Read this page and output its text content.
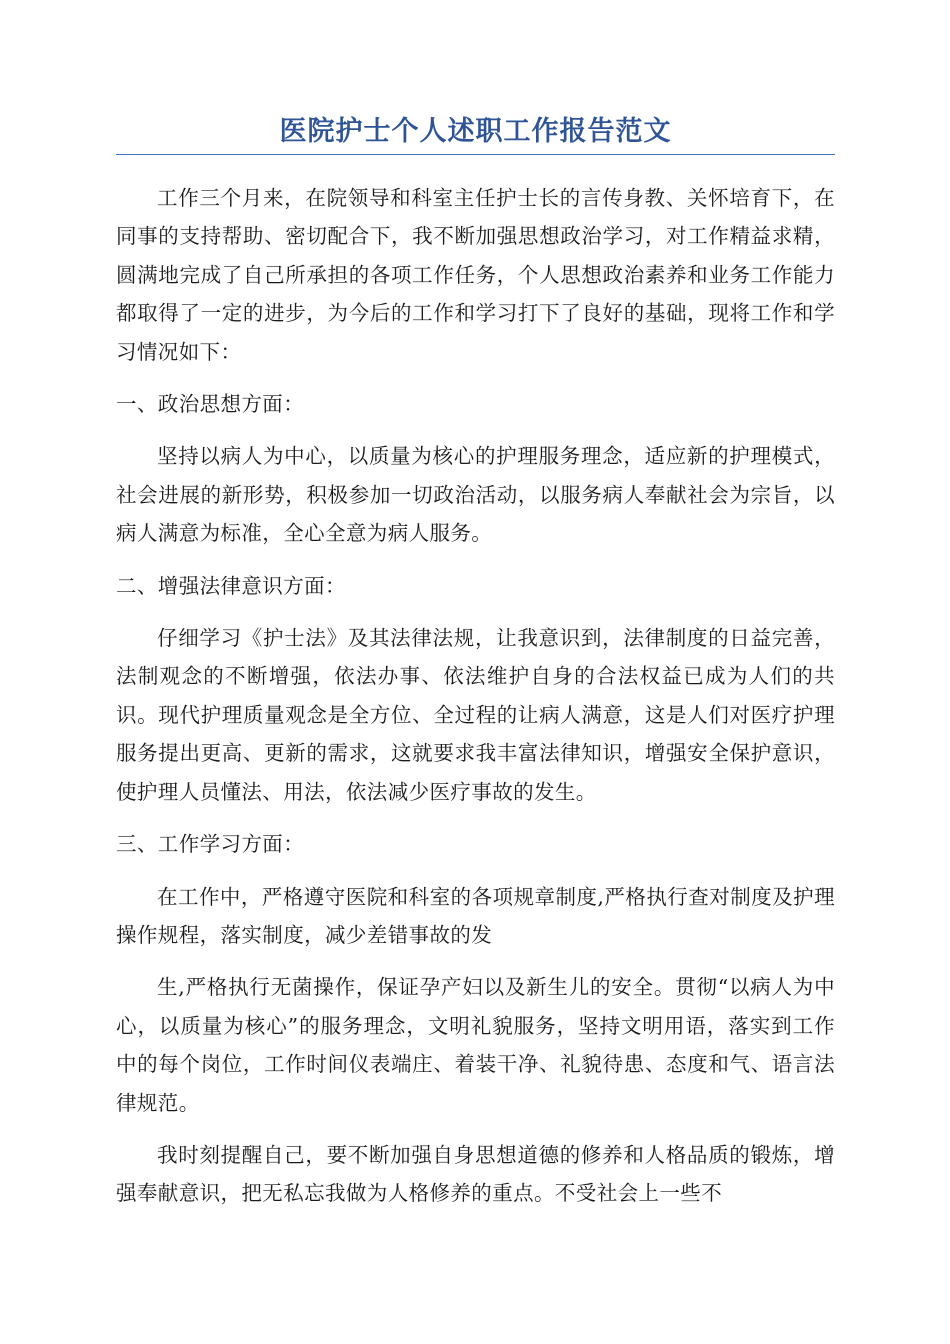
医院护士个人述职工作报告范文

工作三个月来，在院领导和科室主任护士长的言传身教、关怀培育下，在同事的支持帮助、密切配合下，我不断加强思想政治学习，对工作精益求精，圆满地完成了自己所承担的各项工作任务，个人思想政治素养和业务工作能力都取得了一定的进步，为今后的工作和学习打下了良好的基础，现将工作和学习情况如下：

一、政治思想方面：

坚持以病人为中心，以质量为核心的护理服务理念，适应新的护理模式，社会进展的新形势，积极参加一切政治活动，以服务病人奉献社会为宗旨，以病人满意为标准，全心全意为病人服务。

二、增强法律意识方面：

仔细学习《护士法》及其法律法规，让我意识到，法律制度的日益完善，法制观念的不断增强，依法办事、依法维护自身的合法权益已成为人们的共识。现代护理质量观念是全方位、全过程的让病人满意，这是人们对医疗护理服务提出更高、更新的需求，这就要求我丰富法律知识，增强安全保护意识，使护理人员懂法、用法，依法减少医疗事故的发生。

三、工作学习方面：

在工作中，严格遵守医院和科室的各项规章制度,严格执行查对制度及护理操作规程，落实制度，减少差错事故的发

生,严格执行无菌操作，保证孕产妇以及新生儿的安全。贯彻“以病人为中心，以质量为核心”的服务理念，文明礼貌服务，坚持文明用语，落实到工作中的每个岗位，工作时间仪表端庄、着装干净、礼貌待患、态度和气、语言法律规范。

我时刻提醒自己，要不断加强自身思想道德的修养和人格品质的锻炼，增强奉献意识，把无私忘我做为人格修养的重点。不受社会上一些不
